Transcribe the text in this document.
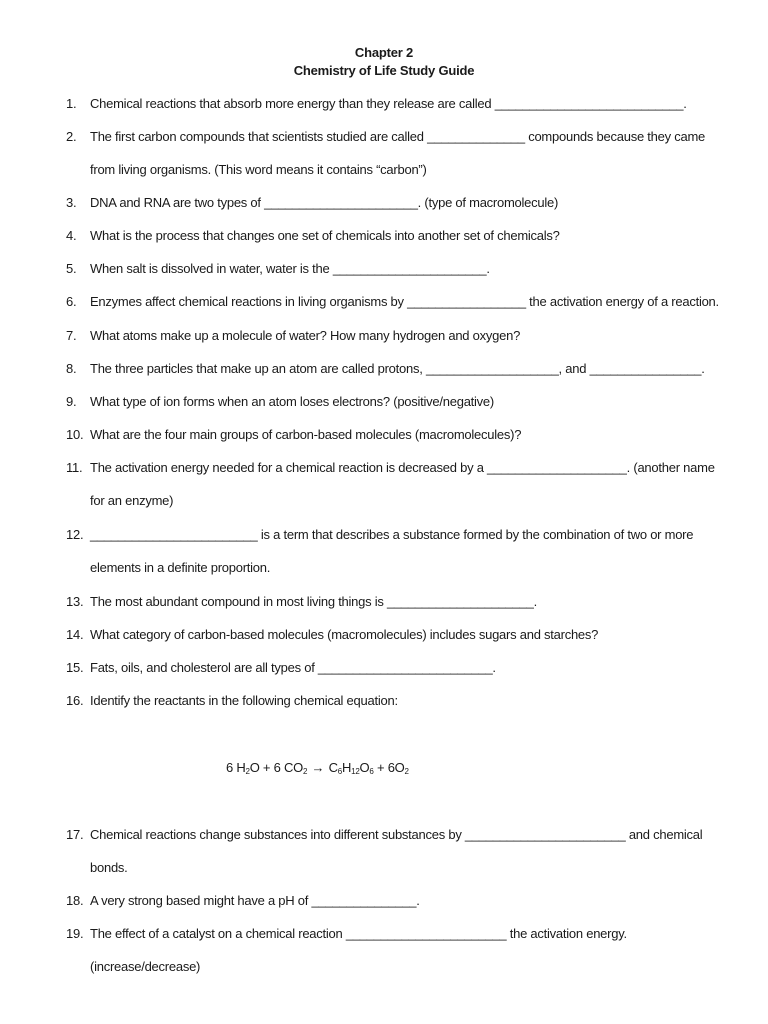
Chapter 2
Chemistry of Life Study Guide
1. Chemical reactions that absorb more energy than they release are called ___________________________.
2. The first carbon compounds that scientists studied are called ______________ compounds because they came
from living organisms. (This word means it contains “carbon”)
3. DNA and RNA are two types of ______________________. (type of macromolecule)
4. What is the process that changes one set of chemicals into another set of chemicals?
5. When salt is dissolved in water, water is the ______________________.
6. Enzymes affect chemical reactions in living organisms by _________________ the activation energy of a reaction.
7. What atoms make up a molecule of water? How many hydrogen and oxygen?
8. The three particles that make up an atom are called protons, ___________________, and ________________.
9. What type of ion forms when an atom loses electrons? (positive/negative)
10. What are the four main groups of carbon-based molecules (macromolecules)?
11. The activation energy needed for a chemical reaction is decreased by a ____________________. (another name
for an enzyme)
12. ________________________ is a term that describes a substance formed by the combination of two or more
elements in a definite proportion.
13. The most abundant compound in most living things is _____________________.
14. What category of carbon-based molecules (macromolecules) includes sugars and starches?
15. Fats, oils, and cholesterol are all types of _________________________.
16. Identify the reactants in the following chemical equation:
6 $H_2O + 6$ $CO_2 \to C_6H_{12}O_6 + 6O_2$
17. Chemical reactions change substances into different substances by _______________________ and chemical
bonds.
18. A very strong based might have a pH of _______________.
19. The effect of a catalyst on a chemical reaction _______________________ the activation energy.
(increase/decrease)
